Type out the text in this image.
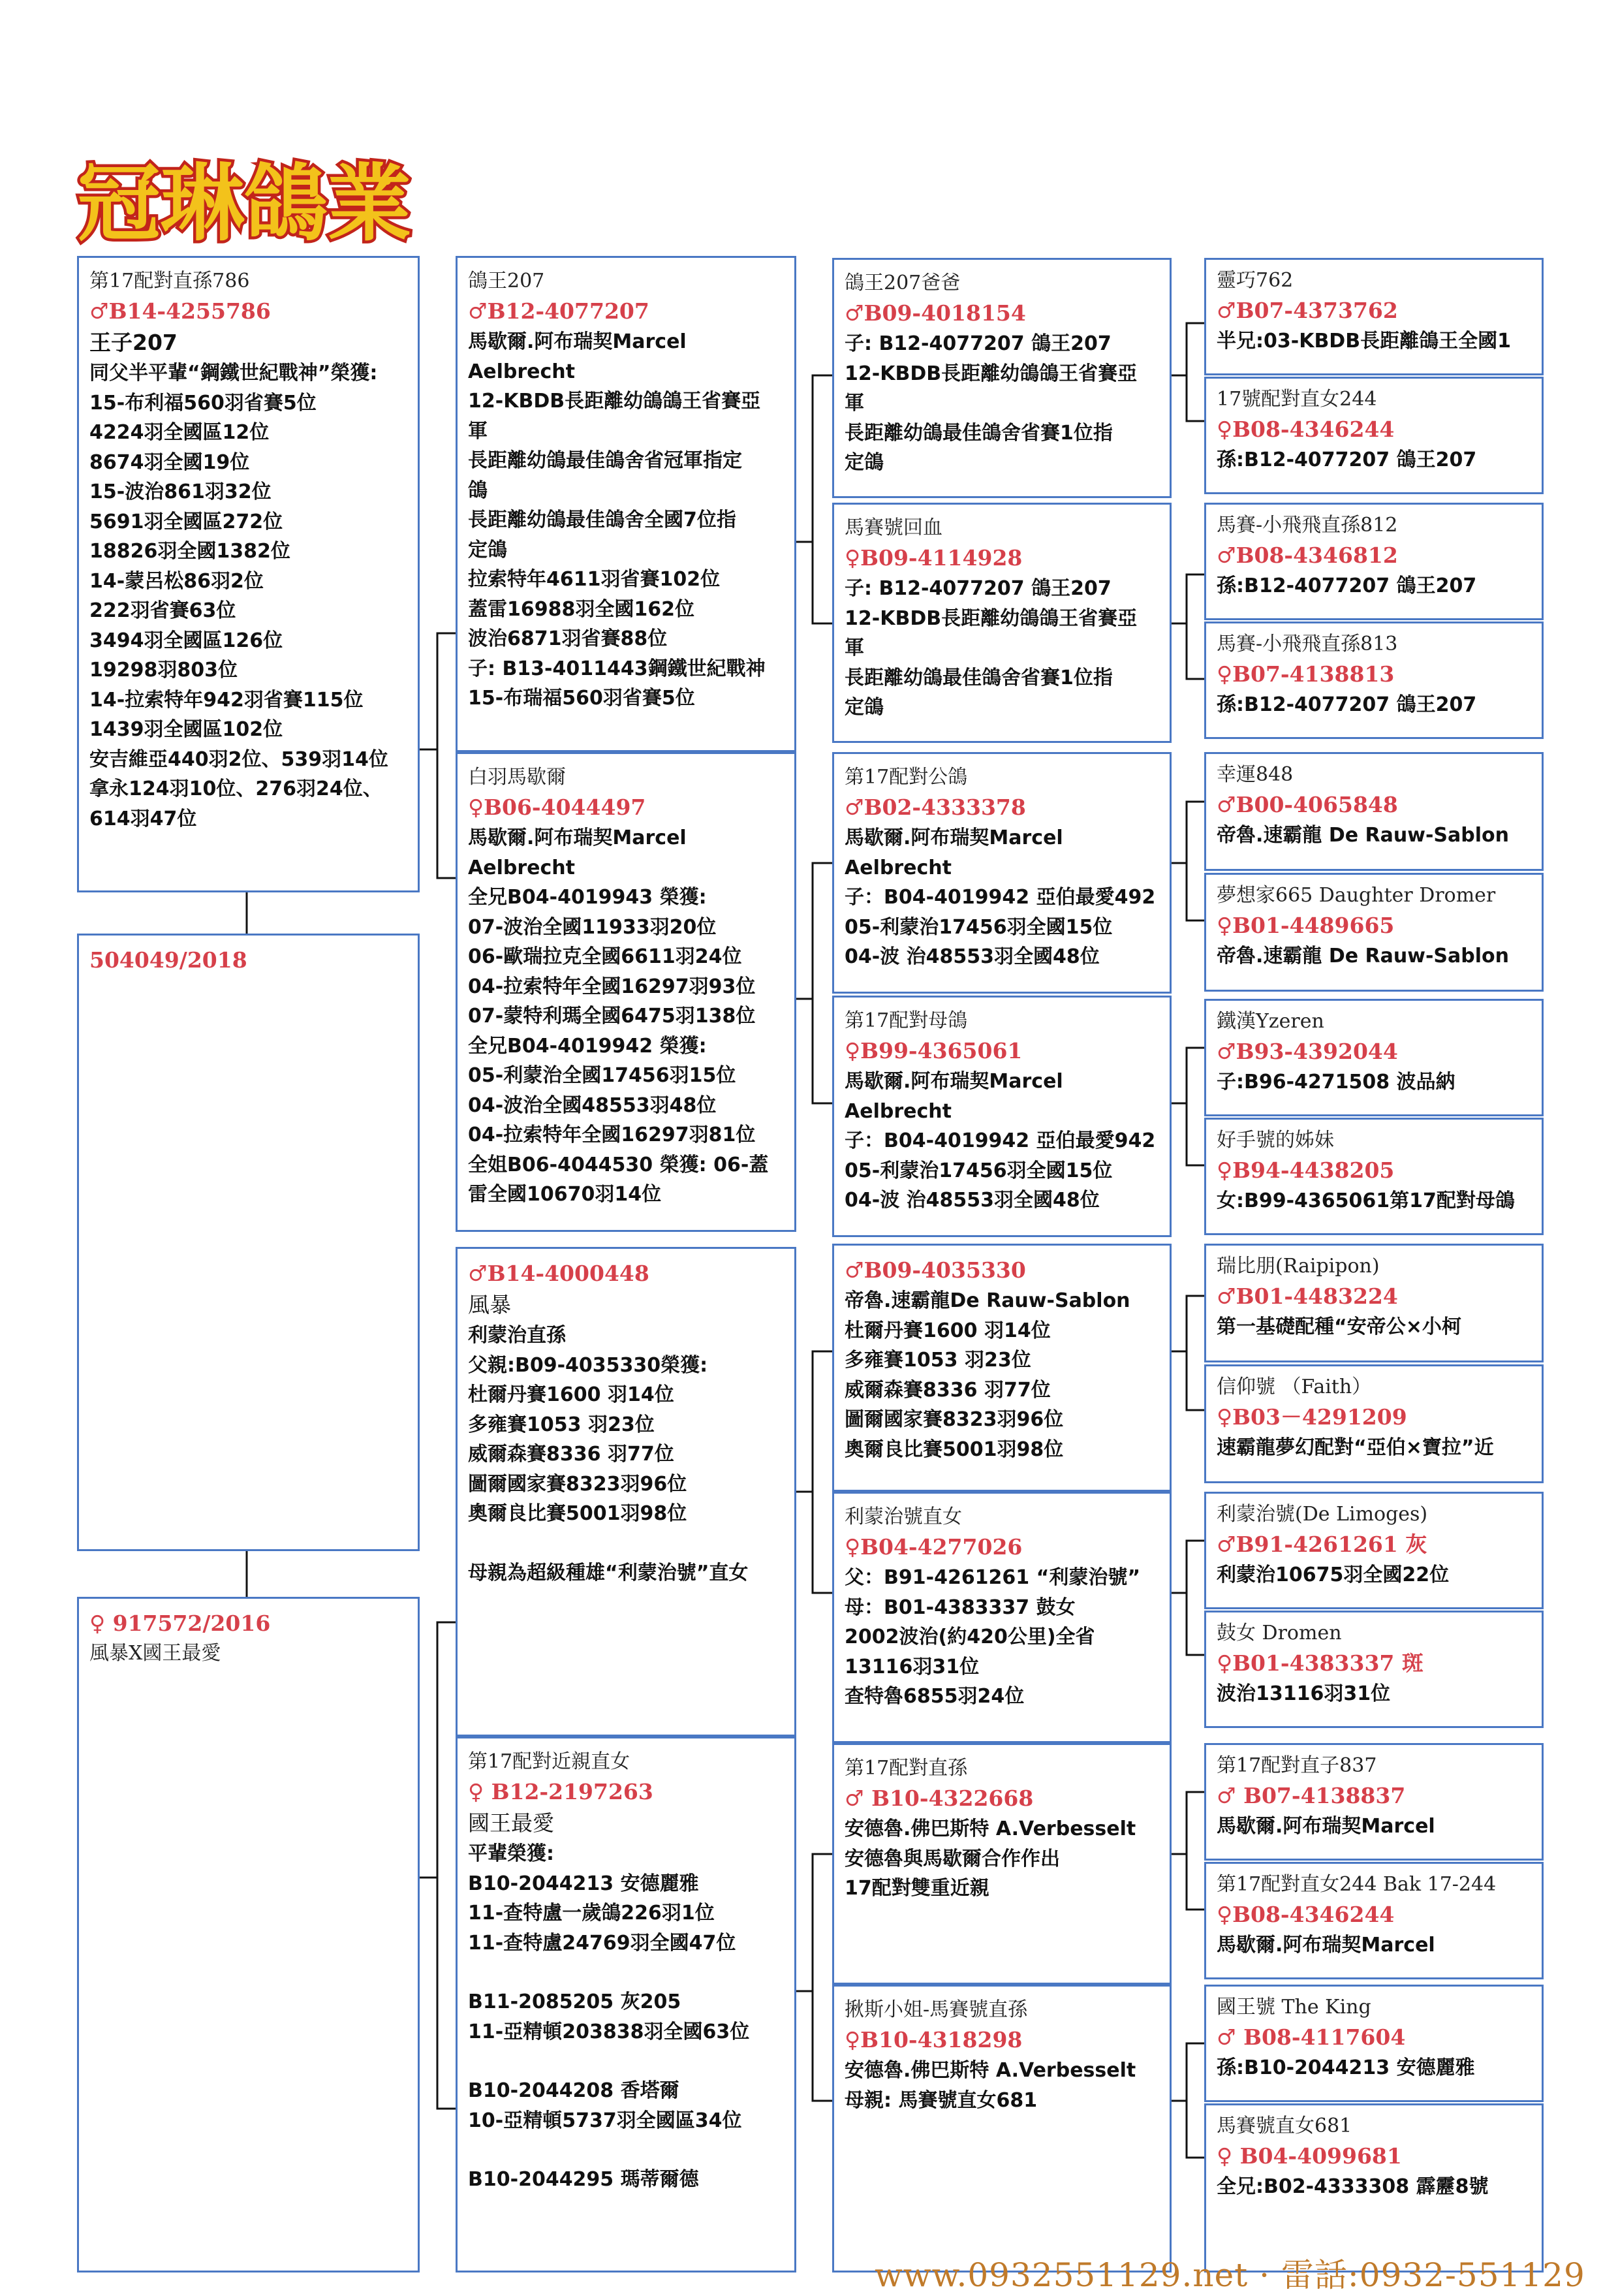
冠琳鴿業
第17配對直孫786
♂B14-4255786
王子207
同父半平輩“鋼鐵世紀戰神”榮獲:
15-布利福560羽省賽5位
4224羽全國區12位
8674羽全國19位
15-波治861羽32位
5691羽全國區272位
18826羽全國1382位
14-蒙呂松86羽2位
222羽省賽63位
3494羽全國區126位
19298羽803位
14-拉索特年942羽省賽115位
1439羽全國區102位
安吉維亞440羽2位、539羽14位
拿永124羽10位、276羽24位、
614羽47位
504049/2018
♀ 917572/2016
風暴X國王最愛
鴿王207
♂B12-4077207
馬歇爾.阿布瑞契Marcel
Aelbrecht
12-KBDB長距離幼鴿鴿王省賽亞
軍
長距離幼鴿最佳鴿舍省冠軍指定
鴿
長距離幼鴿最佳鴿舍全國7位指
定鴿
拉索特年4611羽省賽102位
蓋雷16988羽全國162位
波治6871羽省賽88位
子: B13-4011443鋼鐵世紀戰神
15-布瑞福560羽省賽5位
白羽馬歇爾
♀B06-4044497
馬歇爾.阿布瑞契Marcel
Aelbrecht
全兄B04-4019943 榮獲:
07-波治全國11933羽20位
06-歐瑞拉克全國6611羽24位
04-拉索特年全國16297羽93位
07-蒙特利瑪全國6475羽138位
全兄B04-4019942 榮獲:
05-利蒙治全國17456羽15位
04-波治全國48553羽48位
04-拉索特年全國16297羽81位
全姐B06-4044530 榮獲: 06-蓋
雷全國10670羽14位
♂B14-4000448
風暴
利蒙治直孫
父親:B09-4035330榮獲:
杜爾丹賽1600 羽14位
多雍賽1053 羽23位
威爾森賽8336 羽77位
圖爾國家賽8323羽96位
奧爾良比賽5001羽98位
母親為超級種雄“利蒙治號”直女
第17配對近親直女
♀ B12-2197263
國王最愛
平輩榮獲:
B10-2044213 安德麗雅
11-查特盧一歲鴿226羽1位
11-查特盧24769羽全國47位
B11-2085205 灰205
11-亞精頓203838羽全國63位
B10-2044208 香塔爾
10-亞精頓5737羽全國區34位
B10-2044295 瑪蒂爾德
鴿王207爸爸
♂B09-4018154
子: B12-4077207 鴿王207
12-KBDB長距離幼鴿鴿王省賽亞
軍
長距離幼鴿最佳鴿舍省賽1位指
定鴿
馬賽號回血
♀B09-4114928
子: B12-4077207 鴿王207
12-KBDB長距離幼鴿鴿王省賽亞
軍
長距離幼鴿最佳鴿舍省賽1位指
定鴿
第17配對公鴿
♂B02-4333378
馬歇爾.阿布瑞契Marcel
Aelbrecht
子：B04-4019942 亞伯最愛492
05-利蒙治17456羽全國15位
04-波 治48553羽全國48位
第17配對母鴿
♀B99-4365061
馬歇爾.阿布瑞契Marcel
Aelbrecht
子：B04-4019942 亞伯最愛942
05-利蒙治17456羽全國15位
04-波 治48553羽全國48位
♂B09-4035330
帝魯.速霸龍De Rauw-Sablon
杜爾丹賽1600 羽14位
多雍賽1053 羽23位
威爾森賽8336 羽77位
圖爾國家賽8323羽96位
奧爾良比賽5001羽98位
利蒙治號直女
♀B04-4277026
父：B91-4261261 “利蒙治號”
母：B01-4383337 鼓女
2002波治(約420公里)全省
13116羽31位
查特魯6855羽24位
第17配對直孫
♂ B10-4322668
安德魯.佛巴斯特 A.Verbesselt
安德魯與馬歇爾合作作出
17配對雙重近親
揪斯小姐-馬賽號直孫
♀B10-4318298
安德魯.佛巴斯特 A.Verbesselt
母親: 馬賽號直女681
靈巧762
♂B07-4373762
半兄:03-KBDB長距離鴿王全國1
17號配對直女244
♀B08-4346244
孫:B12-4077207 鴿王207
馬賽-小飛飛直孫812
♂B08-4346812
孫:B12-4077207 鴿王207
馬賽-小飛飛直孫813
♀B07-4138813
孫:B12-4077207 鴿王207
幸運848
♂B00-4065848
帝魯.速霸龍 De Rauw-Sablon
夢想家665 Daughter Dromer
♀B01-4489665
帝魯.速霸龍 De Rauw-Sablon
鐵漢Yzeren
♂B93-4392044
子:B96-4271508 波品納
好手號的姊妹
♀B94-4438205
女:B99-4365061第17配對母鴿
瑞比朋(Raipipon)
♂B01-4483224
第一基礎配種“安帝公×小柯
信仰號 （Faith）
♀B03－4291209
速霸龍夢幻配對“亞伯×寶拉”近
利蒙治號(De Limoges)
♂B91-4261261 灰
利蒙治10675羽全國22位
鼓女 Dromen
♀B01-4383337 斑
波治13116羽31位
第17配對直子837
♂ B07-4138837
馬歇爾.阿布瑞契Marcel
第17配對直女244 Bak 17-244
♀B08-4346244
馬歇爾.阿布瑞契Marcel
國王號 The King
♂ B08-4117604
孫:B10-2044213 安德麗雅
馬賽號直女681
♀ B04-4099681
全兄:B02-4333308 霹靂8號
www.0932551129.net · 雷話:0932-551129
